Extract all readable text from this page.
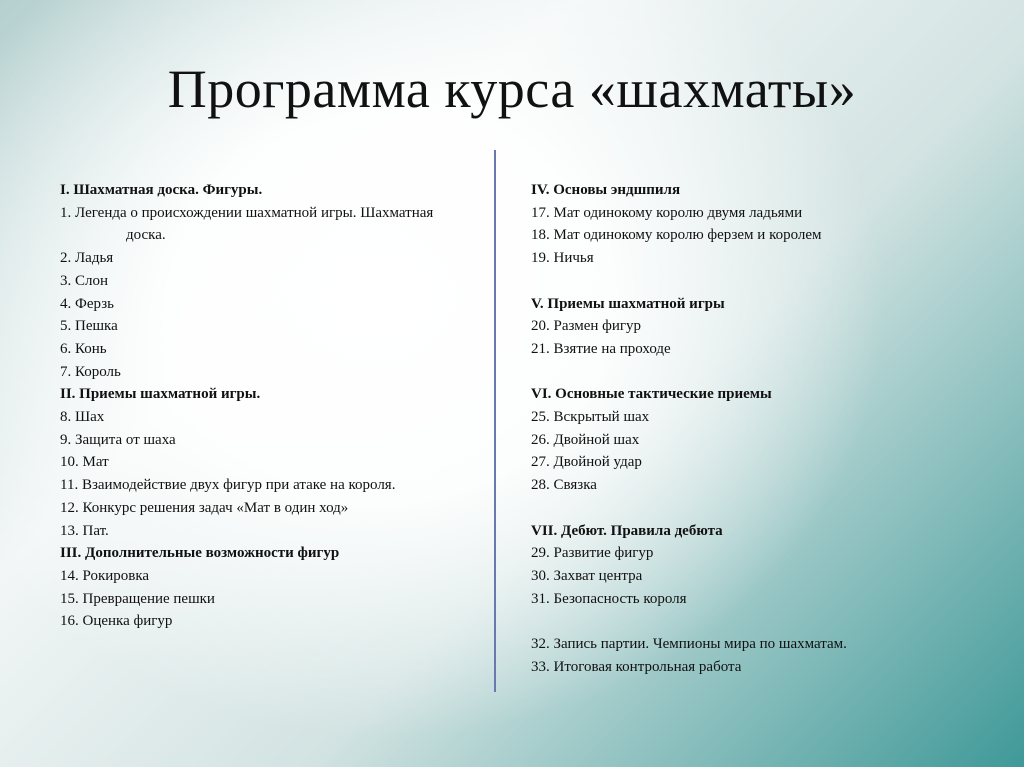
Программа курса «шахматы»
I. Шахматная доска. Фигуры.
1. Легенда о происхождении шахматной игры. Шахматная
доска.
2. Ладья
3. Слон
4. Ферзь
5. Пешка
6. Конь
7. Король
II. Приемы шахматной игры.
8. Шах
9. Защита от шаха
10. Мат
11. Взаимодействие двух фигур при атаке на короля.
12. Конкурс решения задач «Мат в один ход»
13. Пат.
III. Дополнительные возможности фигур
14. Рокировка
15. Превращение пешки
16. Оценка фигур
IV. Основы эндшпиля
17. Мат одинокому королю двумя ладьями
18. Мат одинокому королю ферзем и королем
19. Ничья
V. Приемы шахматной игры
20. Размен фигур
21. Взятие на проходе
VI. Основные тактические приемы
25. Вскрытый шах
26. Двойной шах
27. Двойной удар
28. Связка
VII. Дебют. Правила дебюта
29. Развитие фигур
30. Захват центра
31. Безопасность короля
32. Запись партии. Чемпионы мира по шахматам.
33. Итоговая контрольная работа
